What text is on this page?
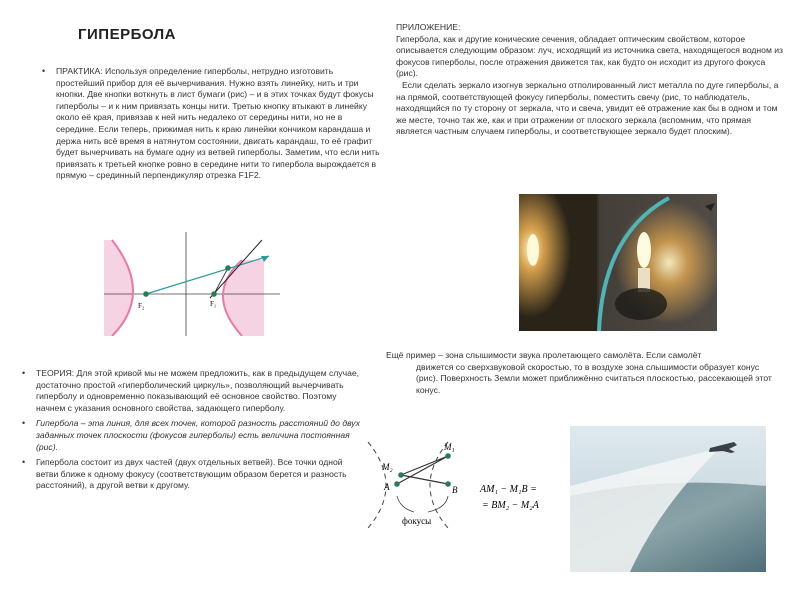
ГИПЕРБОЛА
• ПРАКТИКА: Используя определение гиперболы, нетрудно изготовить простейший прибор для её вычерчивания. Нужно взять линейку, нить и три кнопки. Две кнопки воткнуть в лист бумаги (рис) – и в этих точках будут фокусы гиперболы – и к ним привязать концы нити. Третью кнопку втыкают в линейку около её края, привязав к ней нить недалеко от середины нити, но не в середине. Если теперь, прижимая нить к краю линейки кончиком карандаша и держа нить всё время в натянутом состоянии, двигать карандаш, то её графит будет вычерчивать на бумаге одну из ветвей гиперболы. Заметим, что если нить привязать к третьей кнопке ровно в середине нити то гипербола вырождается в прямую – срединный перпендикуляр отрезка F1F2.
F₂	F₁
ПРИЛОЖЕНИЕ:
Гипербола, как и другие конические сечения, обладает оптическим свойством, которое описывается следующим образом: луч, исходящий из источника света, находящегося водном из фокусов гиперболы, после отражения движется так, как будто он исходит из другого фокуса (рис).
Если сделать зеркало изогнув зеркально отполированный лист металла по дуге гиперболы, а на прямой, соответствующей фокусу гиперболы, поместить свечу (рис, то наблюдатель, находящийся по ту сторону от зеркала, что и свеча, увидит её отражение как бы в одном и том же месте, точно так же, как и при отражении от плоского зеркала (вспомним, что прямая является частным случаем гиперболы, и соответствующее зеркало будет плоским).
• ТЕОРИЯ: Для этой кривой мы не можем предложить, как в предыдущем случае, достаточно простой «гиперболический циркуль», позволяющий вычерчивать гиперболу и одновременно показывающий её основное свойство. Поэтому начнем с указания основного свойства, задающего гиперболу.
• Гипербола – эта линия, для всех точек, которой разность расстояний до двух заданных точек плоскости (фокусов гиперболы) есть величина постоянная (рис).
• Гипербола состоит из двух частей (двух отдельных ветвей). Все точки одной ветви ближе к одному фокусу (соответствующим образом берется и разность расстояний), а другой ветви к другому.
M₂
M₁
A	B
фокусы
AM₁ − M₁B =
= BM₂ − M₂A

Ещё пример – зона слышимости звука пролетающего самолёта. Если самолёт

движется со сверхзвуковой скоростью, то в воздухе зона слышимости образует конус (рис). Поверхность Земли может приближённо считаться плоскостью, рассекающей этот конус.
